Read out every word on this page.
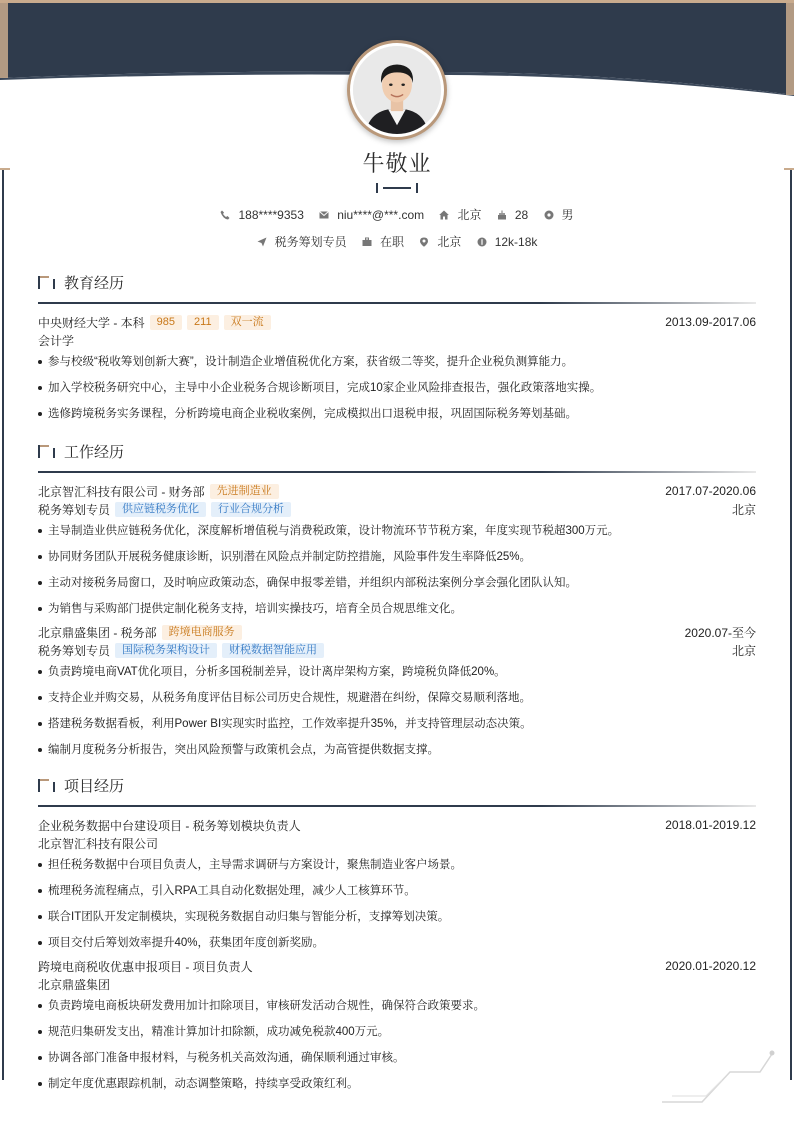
牛敬业
188****9353
	niu****@***.com
	北京
	28
	男
税务筹划专员
	在职
	北京
	12k-18k
教育经历
中央财经大学 - 本科	985	211	双一流	2013.09-2017.06
会计学
参与校级“税收筹划创新大赛”，设计制造企业增值税优化方案，获省级二等奖，提升企业税负测算能力。
加入学校税务研究中心，主导中小企业税务合规诊断项目，完成10家企业风险排查报告，强化政策落地实操。
选修跨境税务实务课程，分析跨境电商企业税收案例，完成模拟出口退税申报，巩固国际税务筹划基础。
工作经历
北京智汇科技有限公司 - 财务部	先进制造业	2017.07-2020.06
税务筹划专员	供应链税务优化	行业合规分析	北京
主导制造业供应链税务优化，深度解析增值税与消费税政策，设计物流环节节税方案，年度实现节税超300万元。
协同财务团队开展税务健康诊断，识别潜在风险点并制定防控措施，风险事件发生率降低25%。
主动对接税务局窗口，及时响应政策动态，确保申报零差错，并组织内部税法案例分享会强化团队认知。
为销售与采购部门提供定制化税务支持，培训实操技巧，培育全员合规思维文化。
北京鼎盛集团 - 税务部	跨境电商服务	2020.07-至今
税务筹划专员	国际税务架构设计	财税数据智能应用	北京
负责跨境电商VAT优化项目，分析多国税制差异，设计离岸架构方案，跨境税负降低20%。
支持企业并购交易，从税务角度评估目标公司历史合规性，规避潜在纠纷，保障交易顺利落地。
搭建税务数据看板，利用Power BI实现实时监控，工作效率提升35%，并支持管理层动态决策。
编制月度税务分析报告，突出风险预警与政策机会点，为高管提供数据支撑。
项目经历
企业税务数据中台建设项目 - 税务筹划模块负责人	2018.01-2019.12
北京智汇科技有限公司
担任税务数据中台项目负责人，主导需求调研与方案设计，聚焦制造业客户场景。
梳理税务流程痛点，引入RPA工具自动化数据处理，减少人工核算环节。
联合IT团队开发定制模块，实现税务数据自动归集与智能分析，支撑筹划决策。
项目交付后筹划效率提升40%，获集团年度创新奖励。
跨境电商税收优惠申报项目 - 项目负责人	2020.01-2020.12
北京鼎盛集团
负责跨境电商板块研发费用加计扣除项目，审核研发活动合规性，确保符合政策要求。
规范归集研发支出，精准计算加计扣除额，成功减免税款400万元。
协调各部门准备申报材料，与税务机关高效沟通，确保顺利通过审核。
制定年度优惠跟踪机制，动态调整策略，持续享受政策红利。
